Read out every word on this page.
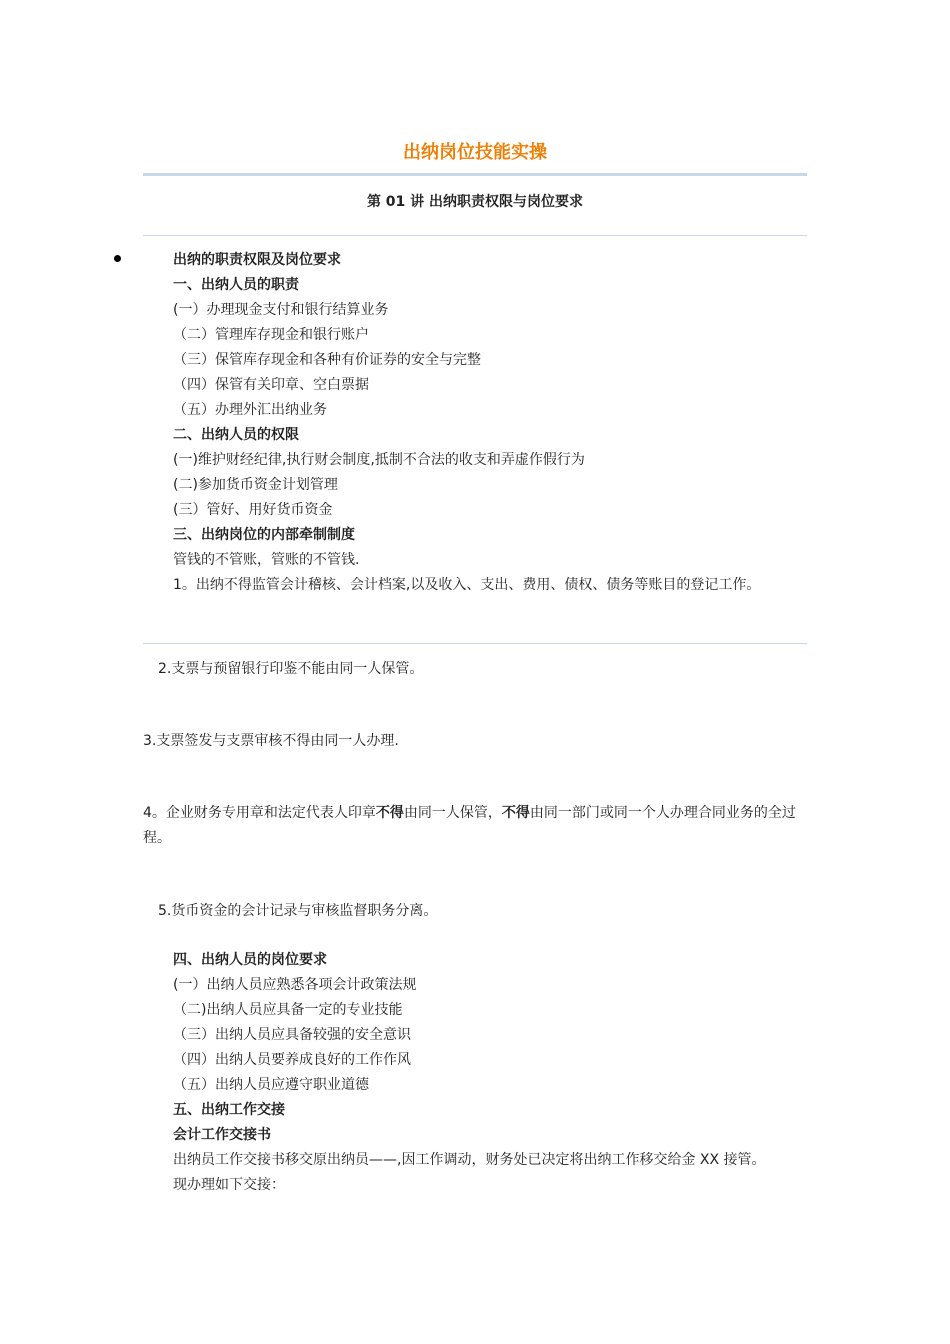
出纳岗位技能实操
第 01 讲 出纳职责权限与岗位要求
出纳的职责权限及岗位要求
一、出纳人员的职责
(一）办理现金支付和银行结算业务
（二）管理库存现金和银行账户
（三）保管库存现金和各种有价证券的安全与完整
（四）保管有关印章、空白票据
（五）办理外汇出纳业务
二、出纳人员的权限
(一)维护财经纪律,执行财会制度,抵制不合法的收支和弄虚作假行为
(二)参加货币资金计划管理
(三）管好、用好货币资金
三、出纳岗位的内部牵制制度
管钱的不管账，管账的不管钱.
1。出纳不得监管会计稽核、会计档案,以及收入、支出、费用、债权、债务等账目的登记工作。
2.支票与预留银行印鉴不能由同一人保管。
3.支票签发与支票审核不得由同一人办理.
4。企业财务专用章和法定代表人印章不得由同一人保管，不得由同一部门或同一个人办理合同业务的全过程。
5.货币资金的会计记录与审核监督职务分离。
四、出纳人员的岗位要求
(一）出纳人员应熟悉各项会计政策法规
（二)出纳人员应具备一定的专业技能
（三）出纳人员应具备较强的安全意识
（四）出纳人员要养成良好的工作作风
（五）出纳人员应遵守职业道德
五、出纳工作交接
会计工作交接书
出纳员工作交接书移交原出纳员——,因工作调动，财务处已决定将出纳工作移交给金 XX 接管。
现办理如下交接：
